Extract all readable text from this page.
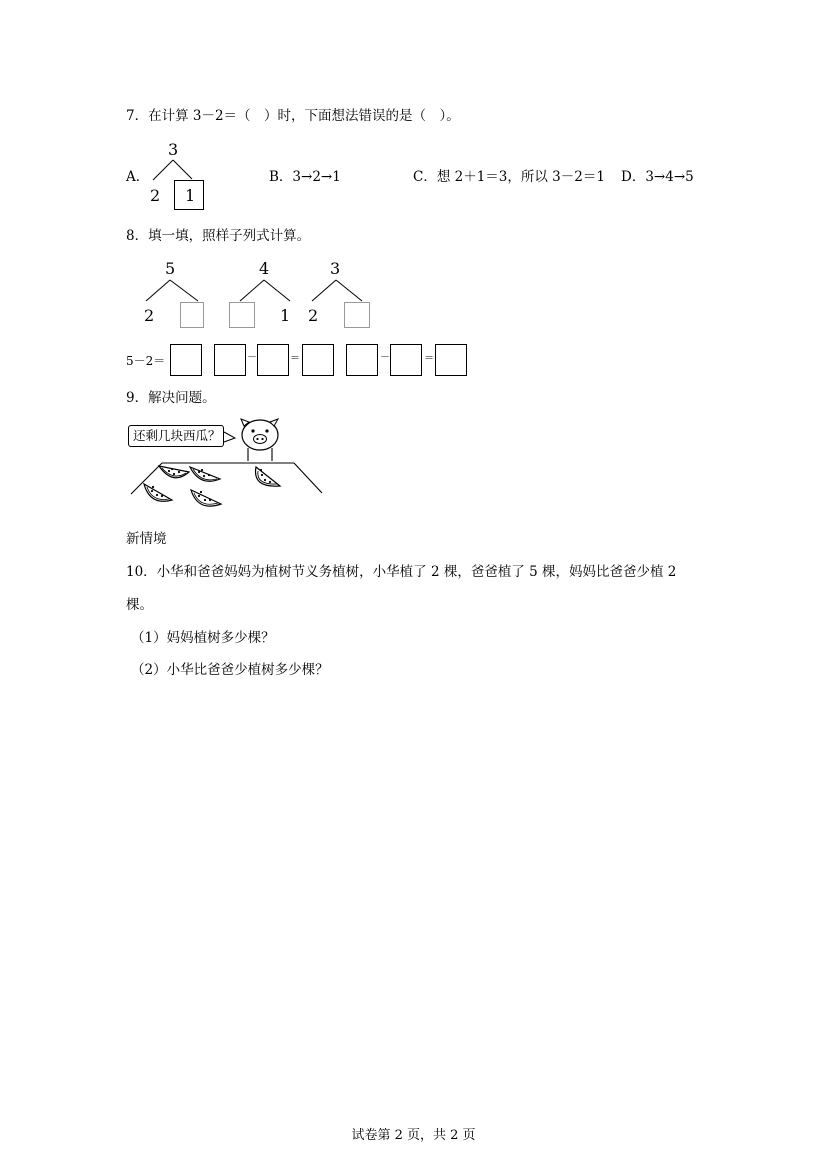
7．在计算 3－2＝（　）时，下面想法错误的是（　）。
A．
3
2 1
B．3→2→1	C．想 2＋1＝3，所以 3－2＝1 D．3→4→5
8．填一填，照样子列式计算。
5
2
4
1
3
2
5－2＝	－	＝	－	＝
9．解决问题。
还剩几块西瓜？
新情境
10．小华和爸爸妈妈为植树节义务植树，小华植了 2 棵，爸爸植了 5 棵，妈妈比爸爸少植 2
棵。
（1）妈妈植树多少棵？
（2）小华比爸爸少植树多少棵？
试卷第 2 页，共 2 页
